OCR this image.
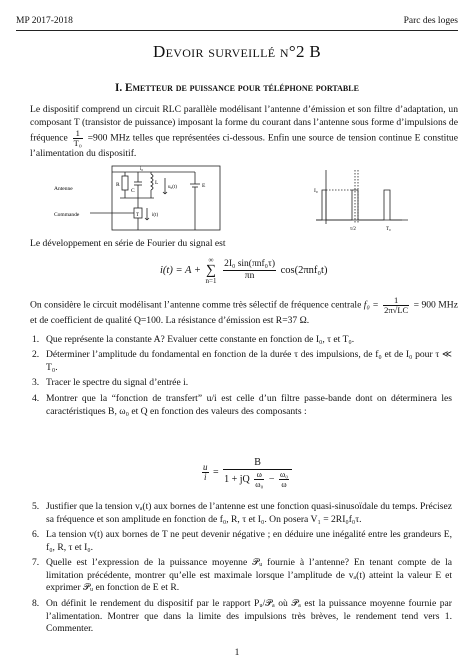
MP 2017-2018	Parc des loges
Devoir surveillé n°2 B
I. Emetteur de puissance pour téléphone portable
Le dispositif comprend un circuit RLC parallèle modélisant l’antenne d’émission et son filtre d’adaptation, un composant T (transistor de puissance) imposant la forme du courant dans l’antenne sous forme d’impulsions de fréquence $\frac{1}{\text{T₀}} =900$ MHz telles que représentées ci-dessous. Enfin une source de tension continue E constitue l’alimentation du dispositif.
Antenne
Commande
R
C
L
i₀
u₀(t)	E
T	i(t)
I₀
τ/2	T₀
Le développement en série de Fourier du signal est
i(t) = A +
∞
∑
n=1
$\frac{\text{2I₀ sin(πnf₀τ)}}{\pi n} \cos(2\pi nf_0t)$
On considère le circuit modélisant l’antenne comme très sélectif de fréquence centrale $f_0 = \frac{1}{2\pi√LC} = 900$ MHz et de coefficient de qualité Q=100. La résistance d’émission est R=37 Ω.
1. Que représente la constante A? Evaluer cette constante en fonction de I₀, τ et T₀.
2. Déterminer l’amplitude du fondamental en fonction de la durée τ des impulsions, de f₀ et de I₀ pour τ ≪ T₀.
3. Tracer le spectre du signal d’entrée i.
4. Montrer que la “fonction de transfert” u/i est celle d’un filtre passe-bande dont on déterminera les caractéristiques B, ω₀ et Q en fonction des valeurs des composants :
$\frac{u}{i} = \frac{B}{1 + jQ \frac{\omega}{\text{ω₀}} - \frac{\text{ω₀}}{\omega}}$
5. Justifier que la tension vₐ(t) aux bornes de l’antenne est une fonction quasi-sinusoïdale du temps. Précisez sa fréquence et son amplitude en fonction de f₀, R, τ et I₀. On posera V₁ = 2RI₀f₀τ.
6. La tension v(t) aux bornes de T ne peut devenir négative ; en déduire une inégalité entre les grandeurs E, f₀, R, τ et I₀.
7. Quelle est l’expression de la puissance moyenne 𝒫ᵤ fournie à l’antenne? En tenant compte de la limitation précédente, montrer qu’elle est maximale lorsque l’amplitude de vₐ(t) atteint la valeur E et exprimer 𝒫ᵤ en fonction de E et R.
8. On définit le rendement du dispositif par le rapport Pᵤ/𝒫ₐ où 𝒫ₐ est la puissance moyenne fournie par l’alimentation. Montrer que dans la limite des impulsions très brèves, le rendement tend vers 1. Commenter.
1
